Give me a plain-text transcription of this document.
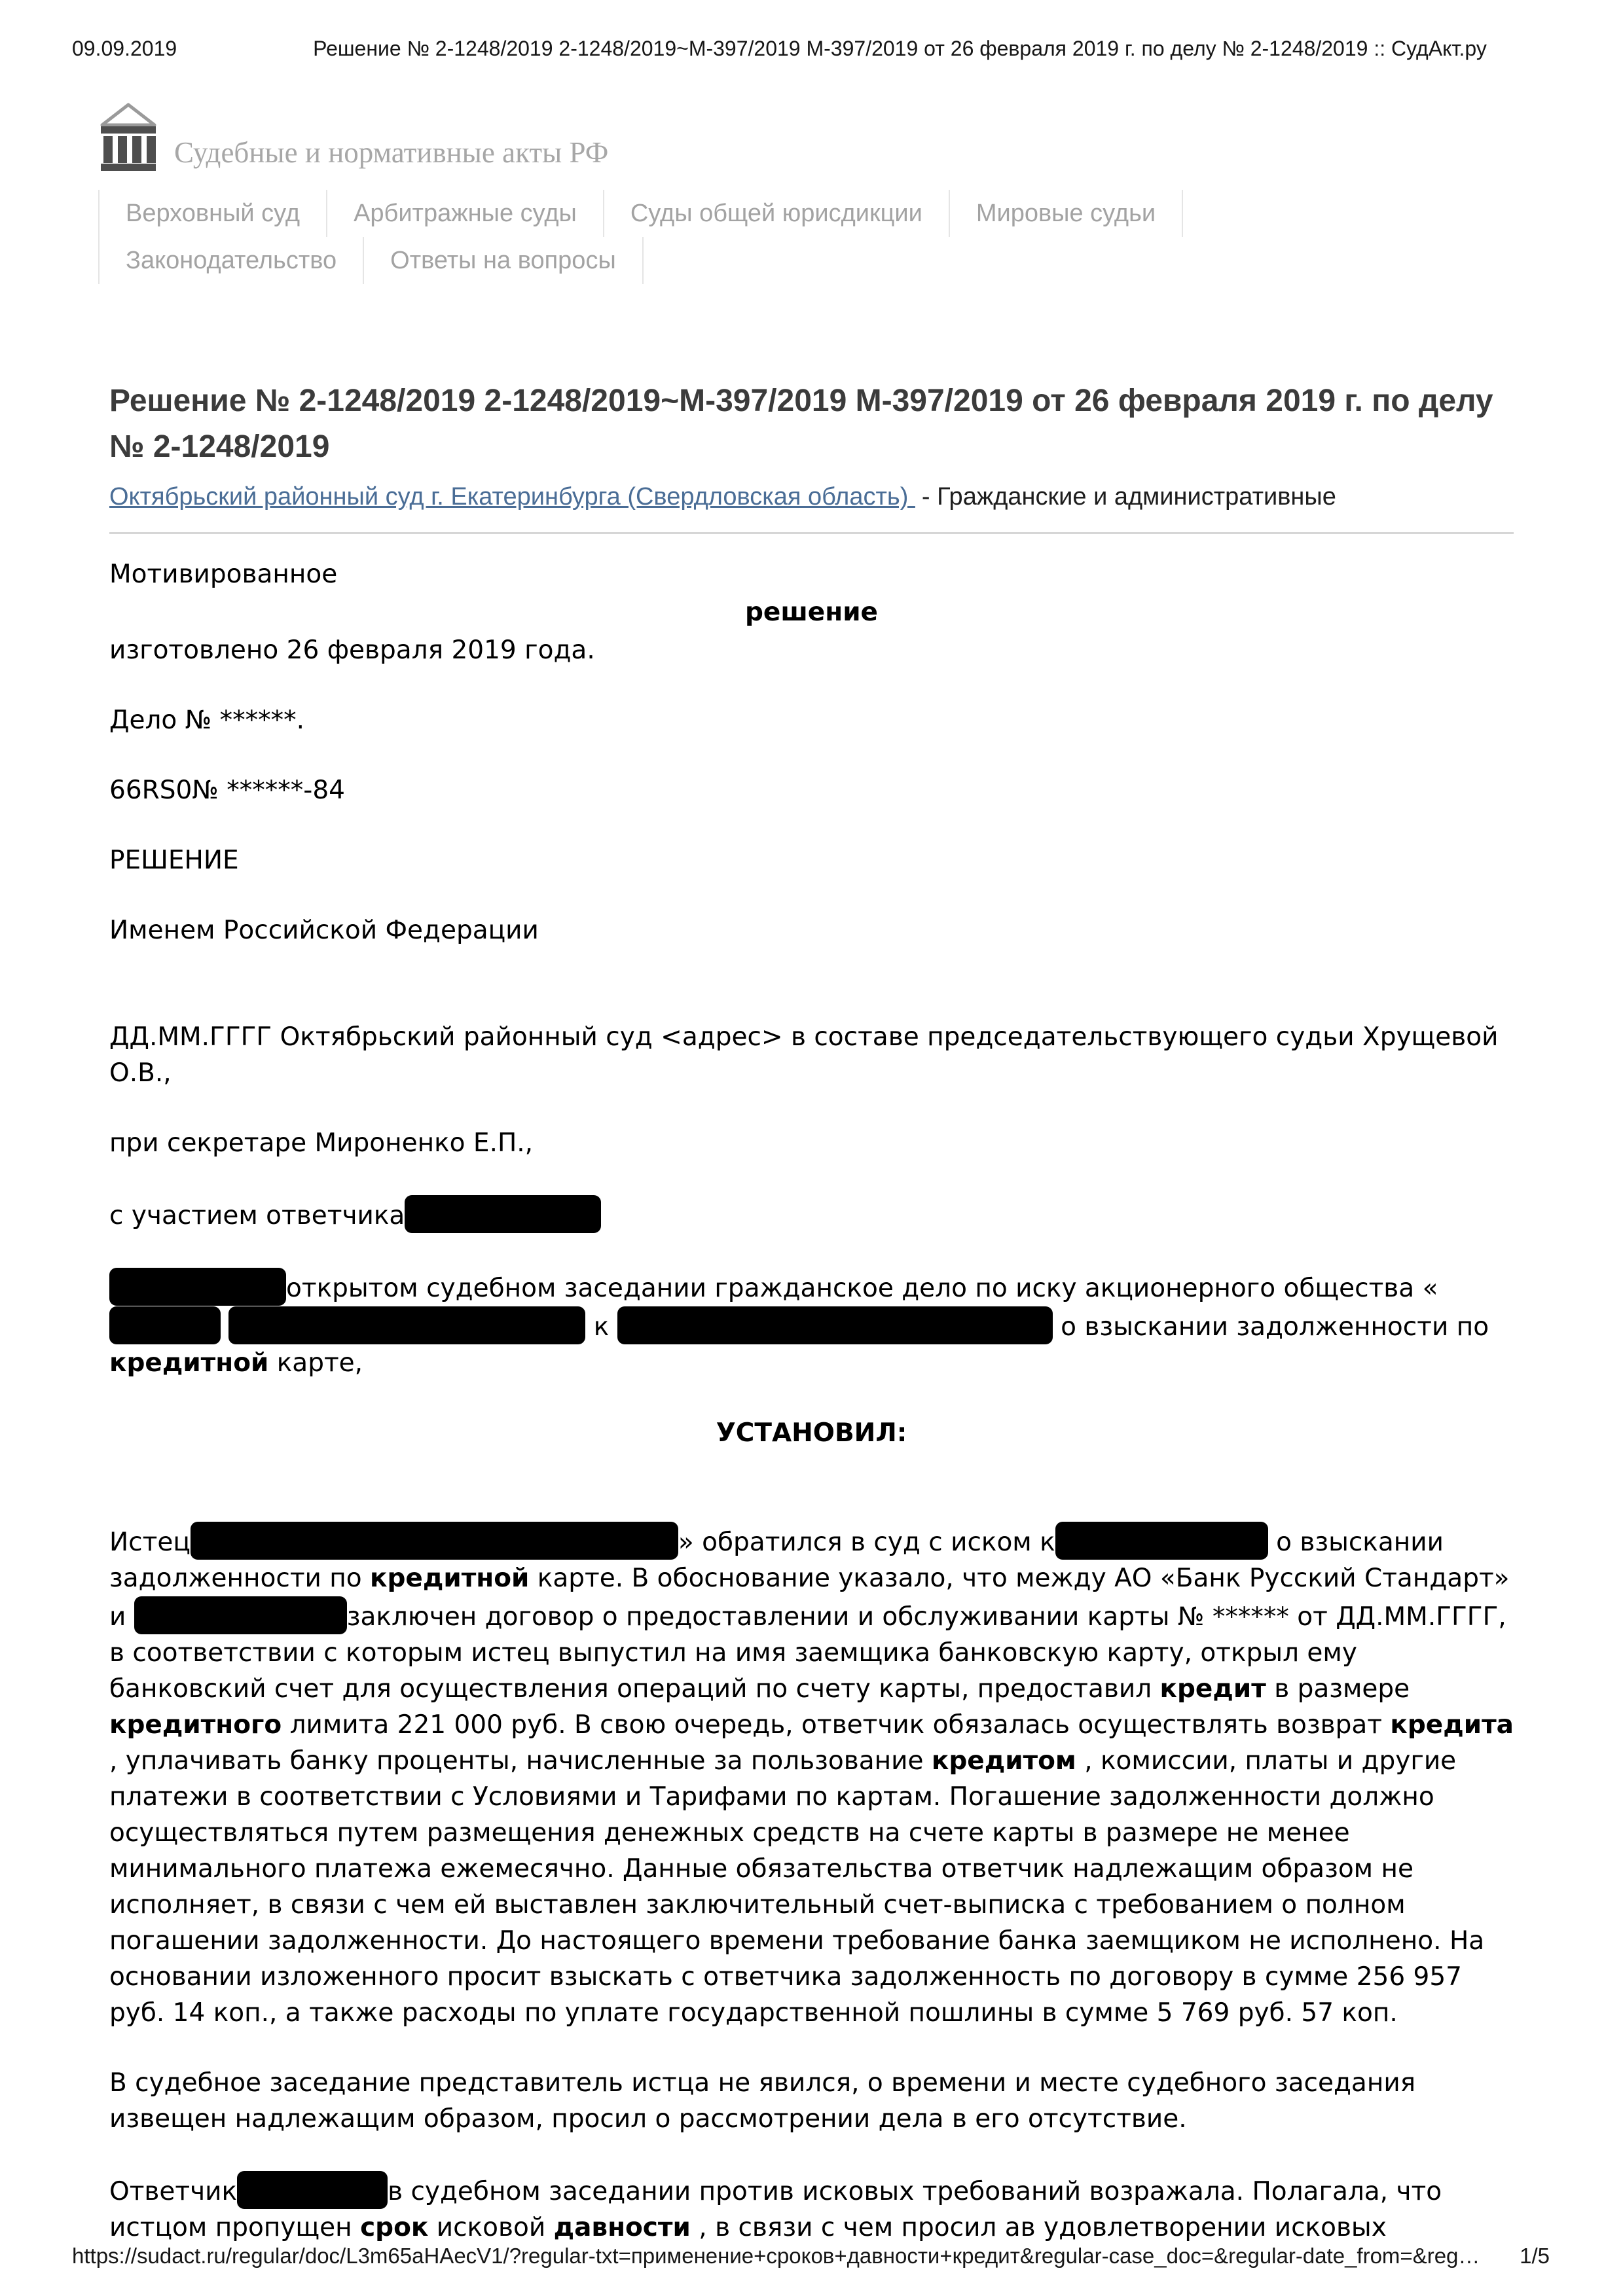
09.09.2019	Решение № 2-1248/2019 2-1248/2019~М-397/2019 М-397/2019 от 26 февраля 2019 г. по делу № 2-1248/2019 :: СудАкт.ру
Судебные и нормативные акты РФ
Верховный суд	Арбитражные суды	Суды общей юрисдикции	Мировые судьи
Законодательство	Ответы на вопросы
Решение № 2-1248/2019 2-1248/2019~М-397/2019 М-397/2019 от 26 февраля 2019 г. по делу № 2-1248/2019
Октябрьский районный суд г. Екатеринбурга (Свердловская область) - Гражданские и административные

Мотивированное

решение

изготовлено 26 февраля 2019 года.

Дело № ******.

66RS0№ ******-84

РЕШЕНИЕ

Именем Российской Федерации

ДД.ММ.ГГГГ Октябрьский районный суд <адрес> в составе председательствующего судьи Хрущевой О.В.,

при секретаре Мироненко Е.П.,

с участием ответчика

открытом судебном заседании гражданское дело по иску акционерного общества «  к	о взыскании задолженности по кредитной карте,

УСТАНОВИЛ:

Истец	» обратился в суд с иском к	о взыскании задолженности по кредитной карте. В обоснование указало, что между АО «Банк Русский Стандарт» и	заключен договор о предоставлении и обслуживании карты № ****** от ДД.ММ.ГГГГ, в соответствии с которым истец выпустил на имя заемщика банковскую карту, открыл ему банковский счет для осуществления операций по счету карты, предоставил кредит в размере кредитного лимита 221 000 руб. В свою очередь, ответчик обязалась осуществлять возврат кредита , уплачивать банку проценты, начисленные за пользование кредитом , комиссии, платы и другие платежи в соответствии с Условиями и Тарифами по картам. Погашение задолженности должно осуществляться путем размещения денежных средств на счете карты в размере не менее минимального платежа ежемесячно. Данные обязательства ответчик надлежащим образом не исполняет, в связи с чем ей выставлен заключительный счет-выписка с требованием о полном погашении задолженности. До настоящего времени требование банка заемщиком не исполнено. На основании изложенного просит взыскать с ответчика задолженность по договору в сумме 256 957 руб. 14 коп., а также расходы по уплате государственной пошлины в сумме 5 769 руб. 57 коп.

В судебное заседание представитель истца не явился, о времени и месте судебного заседания извещен надлежащим образом, просил о рассмотрении дела в его отсутствие.

Ответчик	в судебном заседании против исковых требований возражала. Полагала, что истцом пропущен срок исковой давности , в связи с чем просил ав удовлетворении исковых

https://sudact.ru/regular/doc/L3m65aHAecV1/?regular-txt=применение+сроков+давности+кредит&regular-case_doc=&regular-date_from=&reg… 1/5
